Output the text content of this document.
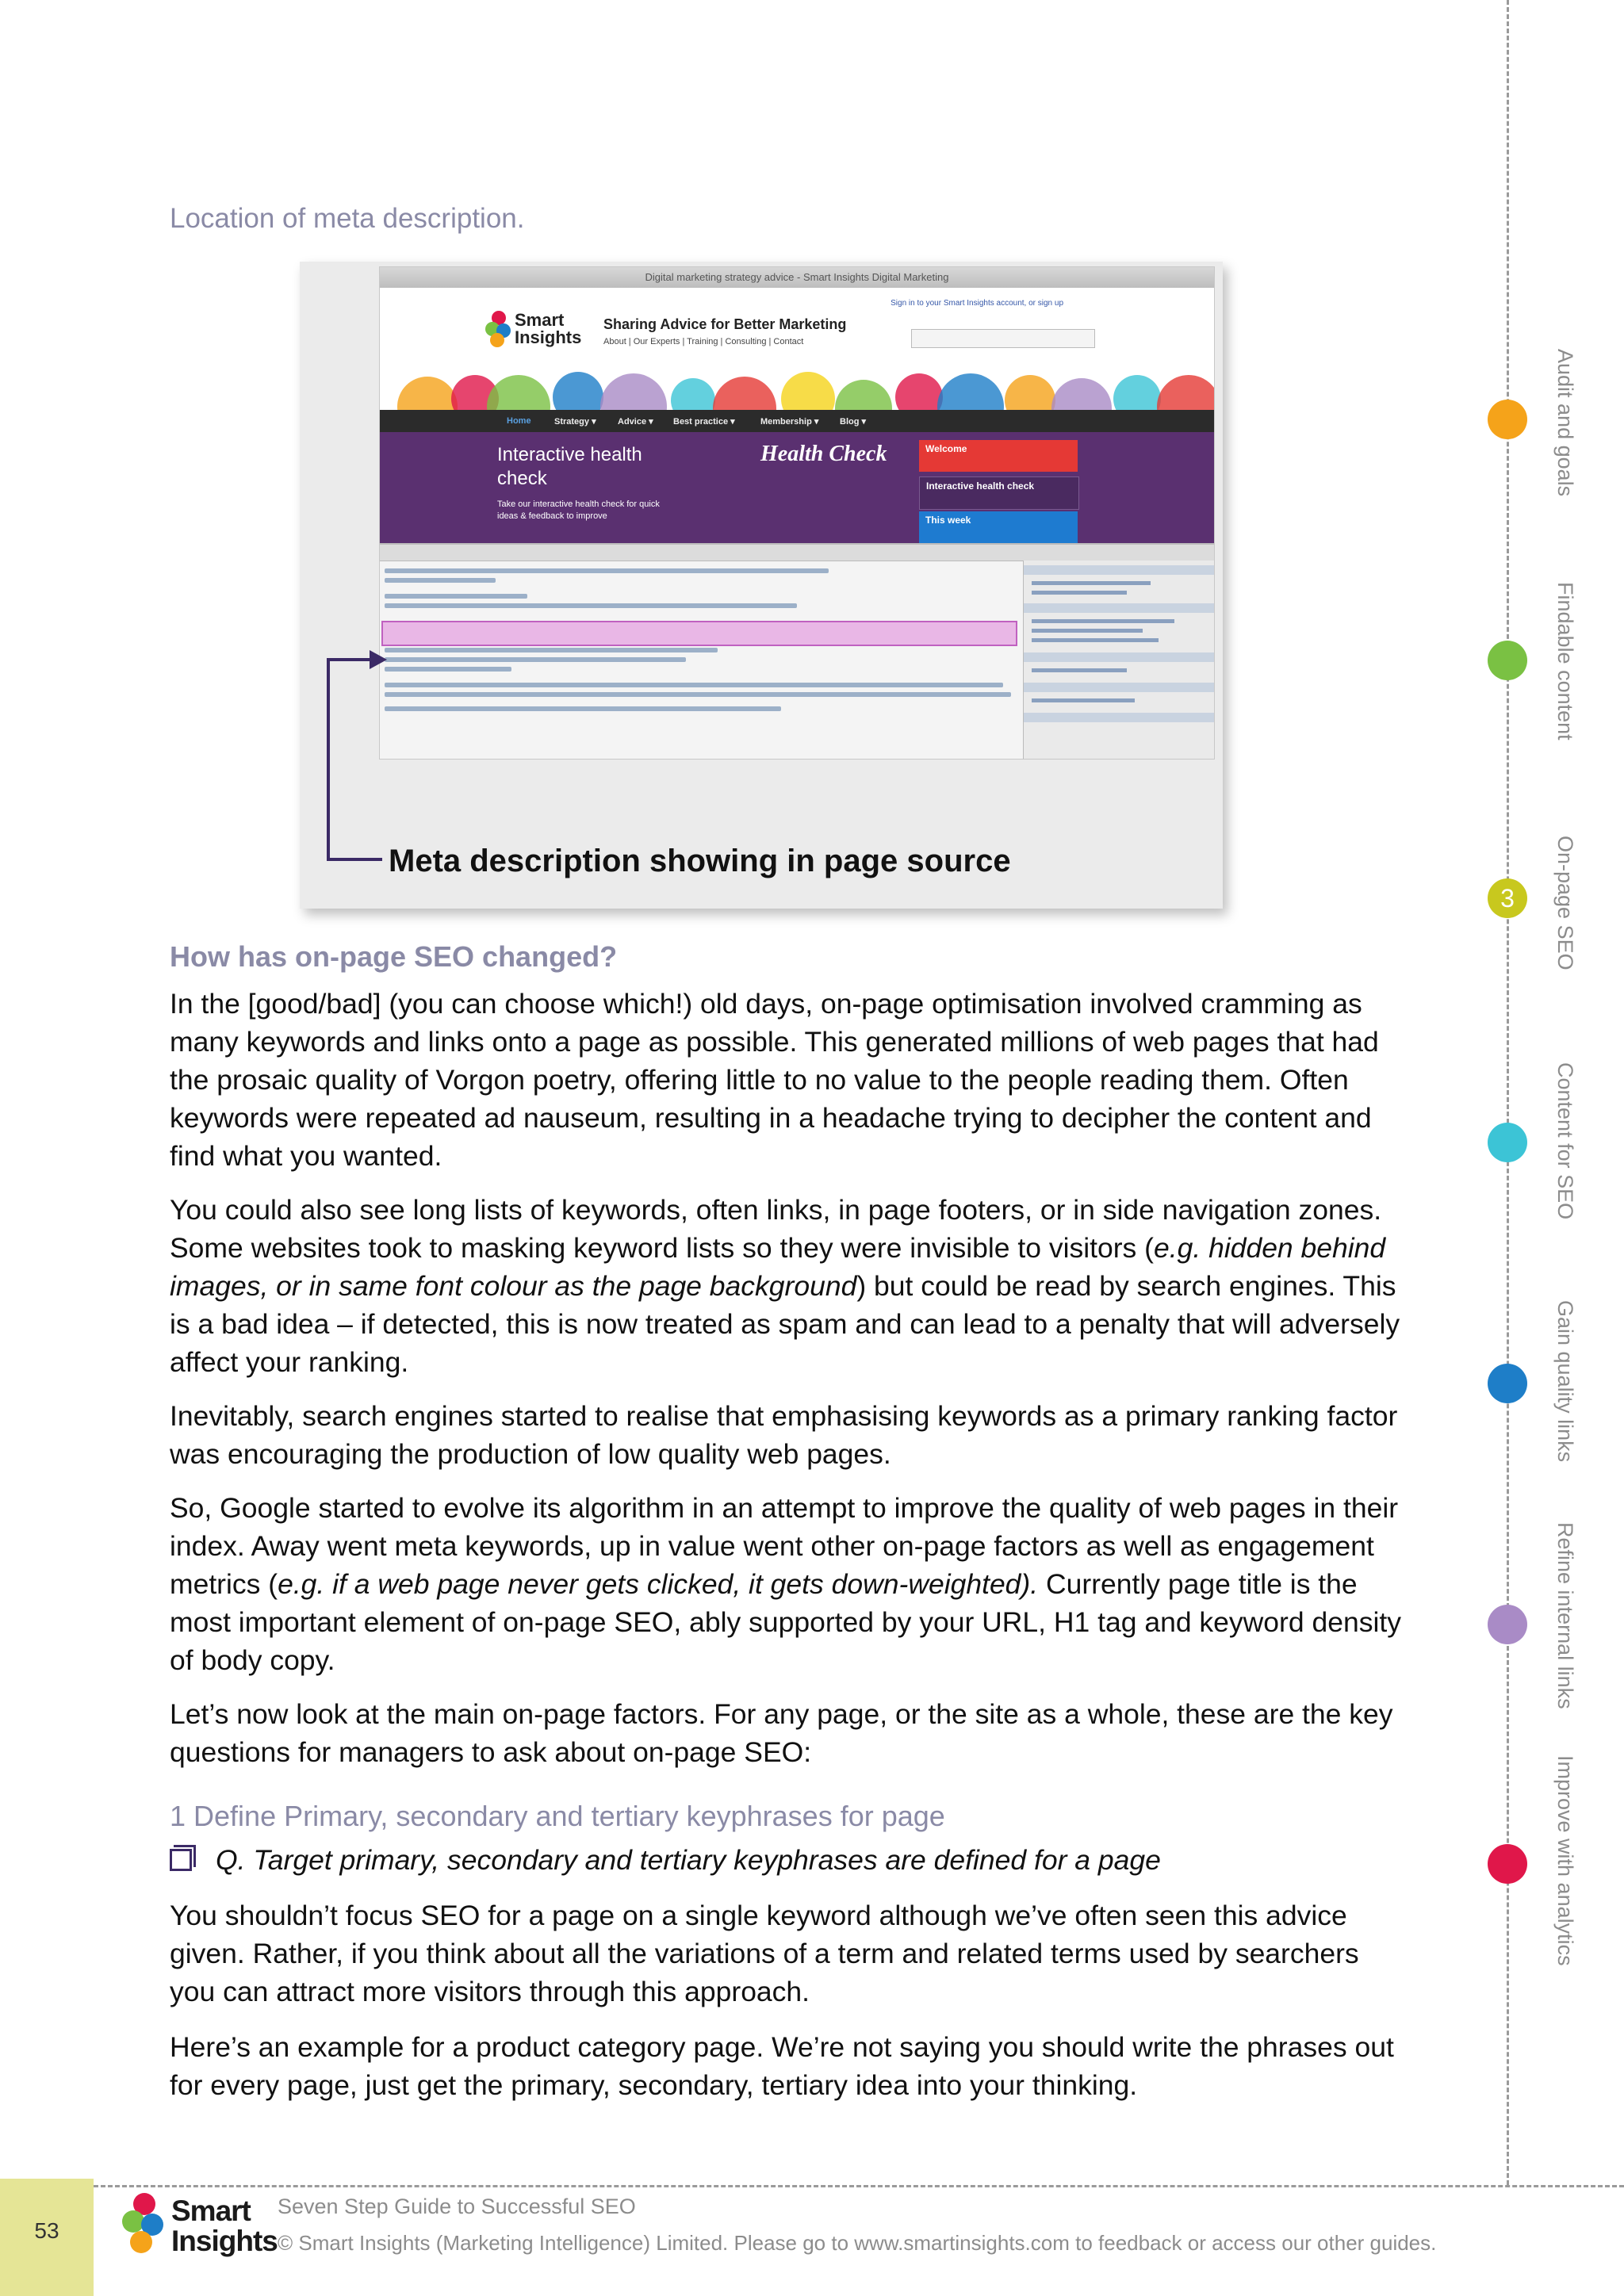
Location of meta description.
Digital marketing strategy advice - Smart Insights Digital Marketing
Smart
Insights
Sharing Advice for Better Marketing
About | Our Experts | Training | Consulting | Contact
Sign in to your Smart Insights account, or sign up
Home	Strategy ▾ Advice ▾ Best practice ▾	Membership ▾ Blog ▾
Interactive health check
Take our interactive health check for quick ideas & feedback to improve
Health Check	Welcome
Interactive health check
This week
Meta description showing in page source
How has on-page SEO changed?

In the [good/bad] (you can choose which!) old days, on-page optimisation involved cramming as many keywords and links onto a page as possible. This generated millions of web pages that had the prosaic quality of Vorgon poetry, offering little to no value to the people reading them. Often keywords were repeated ad nauseum, resulting in a headache trying to decipher the content and find what you wanted.

You could also see long lists of keywords, often links, in page footers, or in side navigation zones. Some websites took to masking keyword lists so they were invisible to visitors (e.g. hidden behind images, or in same font colour as the page background) but could be read by search engines. This is a bad idea – if detected, this is now treated as spam and can lead to a penalty that will adversely affect your ranking.

Inevitably, search engines started to realise that emphasising keywords as a primary ranking factor was encouraging the production of low quality web pages.

So, Google started to evolve its algorithm in an attempt to improve the quality of web pages in their index. Away went meta keywords, up in value went other on-page factors as well as engagement metrics (e.g. if a web page never gets clicked, it gets down-weighted). Currently page title is the most important element of on-page SEO, ably supported by your URL, H1 tag and keyword density of body copy.

Let’s now look at the main on-page factors. For any page, or the site as a whole, these are the key questions for managers to ask about on-page SEO:

1 Define Primary, secondary and tertiary keyphrases for page
Q. Target primary, secondary and tertiary keyphrases are defined for a page

You shouldn’t focus SEO for a page on a single keyword although we’ve often seen this advice given. Rather, if you think about all the variations of a term and related terms used by searchers you can attract more visitors through this approach.

Here’s an example for a product category page. We’re not saying you should write the phrases out for every page, just get the primary, secondary, tertiary idea into your thinking.

Audit and goals
Findable content
3	On-page SEO
Content for SEO
Gain quality links
Refine internal links
Improve with analytics
53
Smart
Insights
Seven Step Guide to Successful SEO
© Smart Insights (Marketing Intelligence) Limited. Please go to www.smartinsights.com to feedback or access our other guides.
